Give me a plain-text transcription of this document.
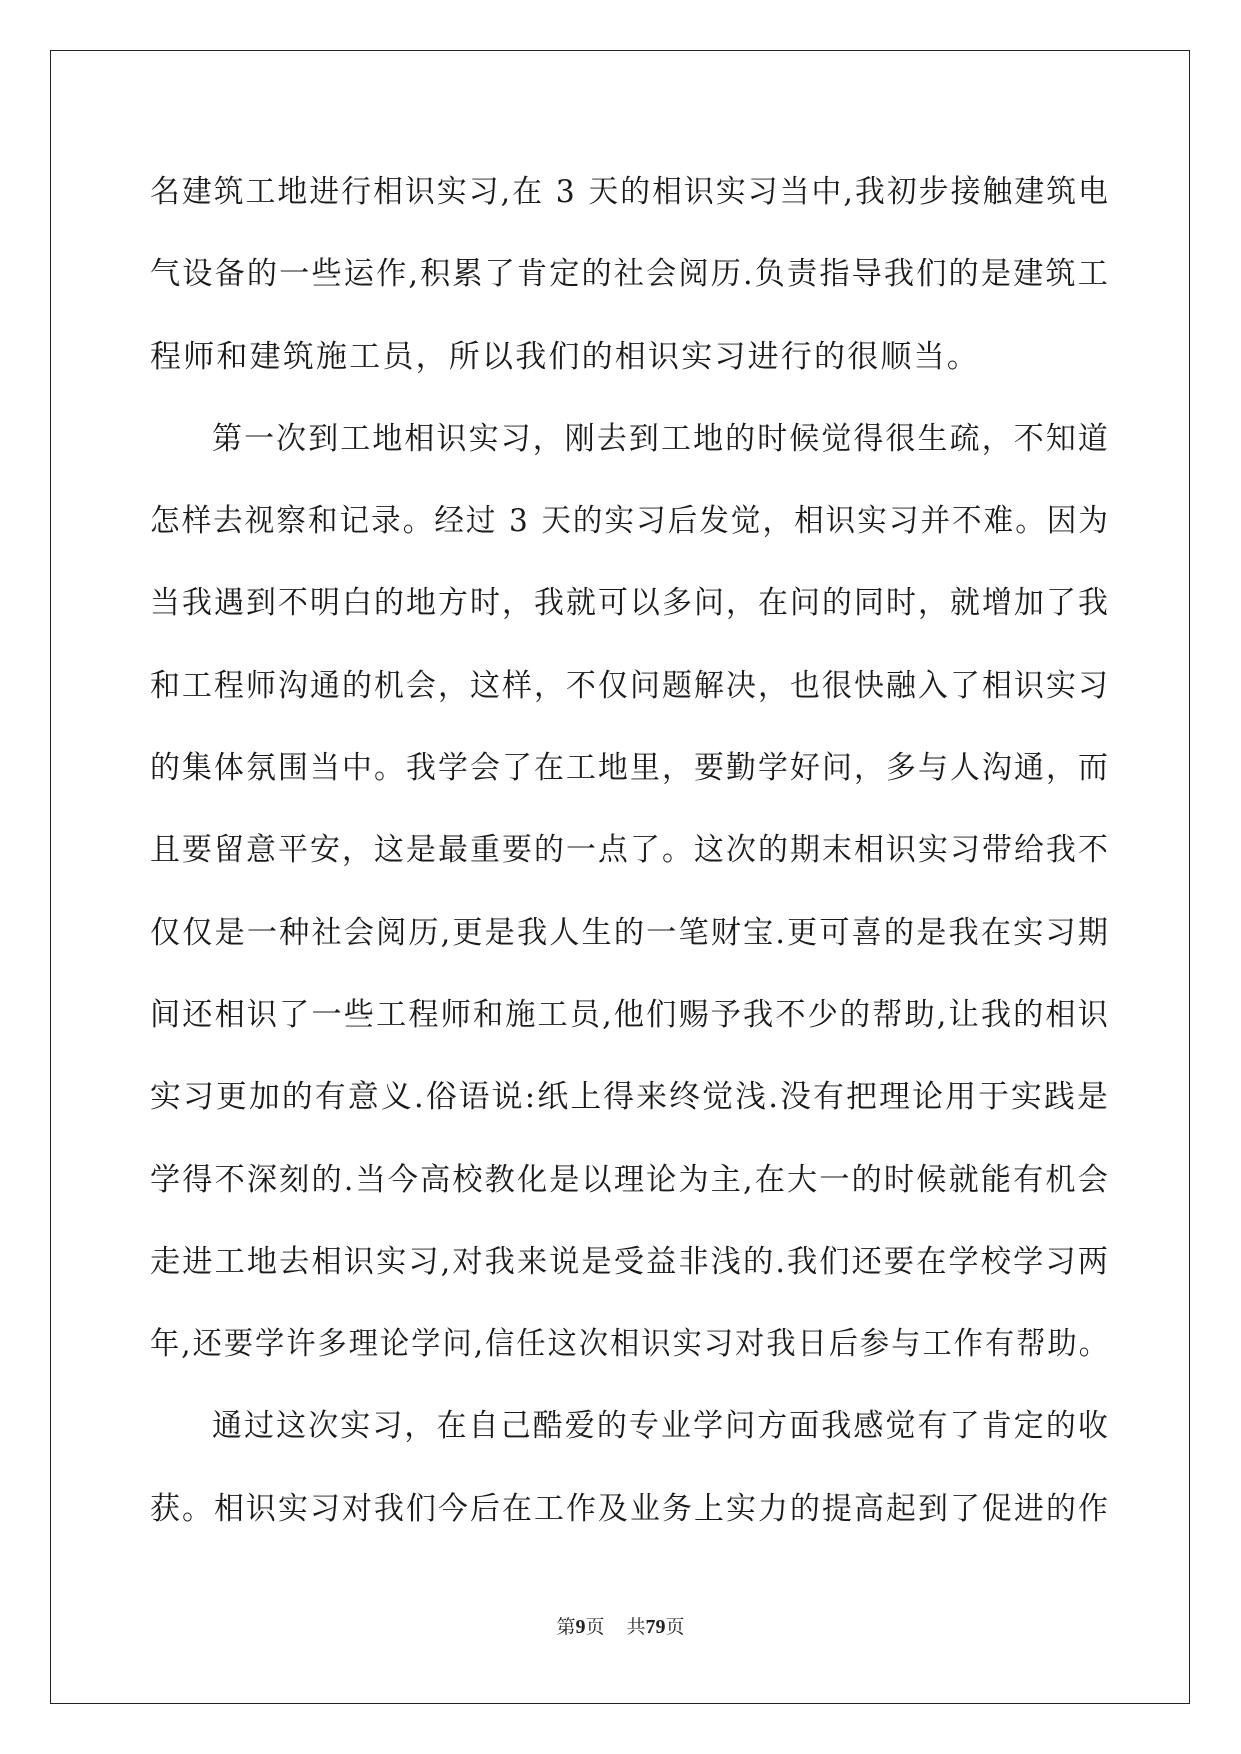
名建筑工地进行相识实习,在 3 天的相识实习当中,我初步接触建筑电
气设备的一些运作,积累了肯定的社会阅历.负责指导我们的是建筑工
程师和建筑施工员，所以我们的相识实习进行的很顺当。
第一次到工地相识实习，刚去到工地的时候觉得很生疏，不知道
怎样去视察和记录。经过 3 天的实习后发觉，相识实习并不难。因为
当我遇到不明白的地方时，我就可以多问，在问的同时，就增加了我
和工程师沟通的机会，这样，不仅问题解决，也很快融入了相识实习
的集体氛围当中。我学会了在工地里，要勤学好问，多与人沟通，而
且要留意平安，这是最重要的一点了。这次的期末相识实习带给我不
仅仅是一种社会阅历,更是我人生的一笔财宝.更可喜的是我在实习期
间还相识了一些工程师和施工员,他们赐予我不少的帮助,让我的相识
实习更加的有意义.俗语说:纸上得来终觉浅.没有把理论用于实践是
学得不深刻的.当今高校教化是以理论为主,在大一的时候就能有机会
走进工地去相识实习,对我来说是受益非浅的.我们还要在学校学习两
年,还要学许多理论学问,信任这次相识实习对我日后参与工作有帮助。
通过这次实习，在自己酷爱的专业学问方面我感觉有了肯定的收
获。相识实习对我们今后在工作及业务上实力的提高起到了促进的作
第9页 共79页
